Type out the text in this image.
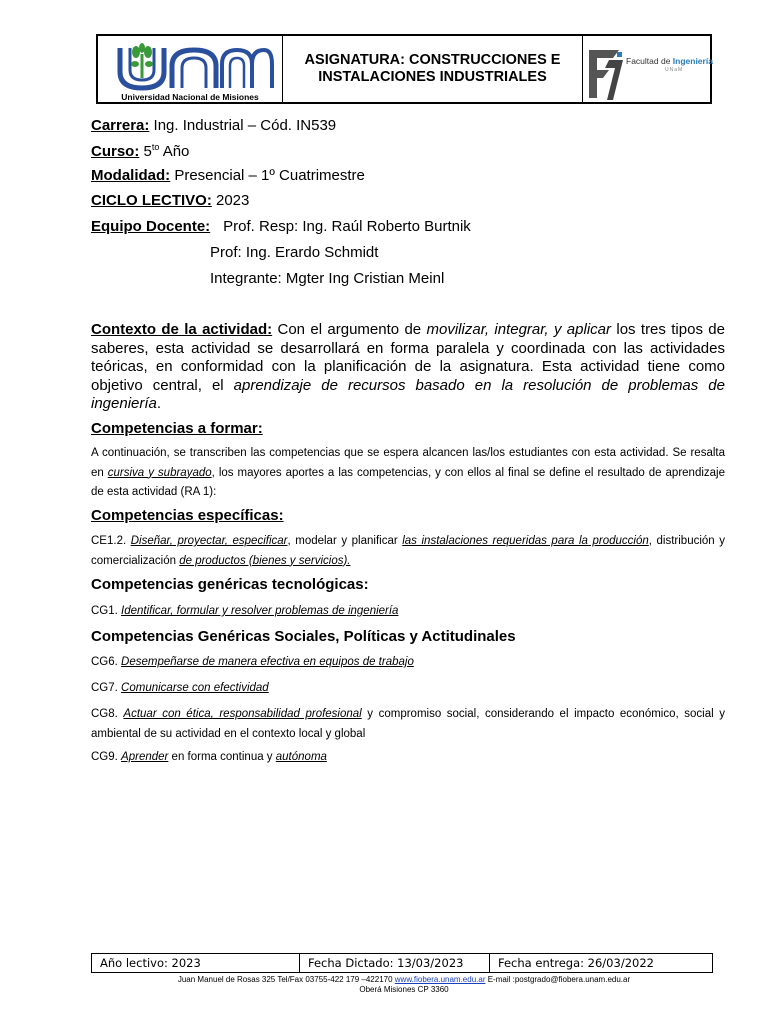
Universidad Nacional de Misiones
ASIGNATURA: CONSTRUCCIONES E
INSTALACIONES INDUSTRIALES
Facultad de Ingeniería
UNaM
Carrera: Ing. Industrial – Cód. IN539
Curso: $5^{to}$ Año
Modalidad: Presencial – 1º Cuatrimestre
CICLO LECTIVO: 2023
Equipo Docente: Prof. Resp: Ing. Raúl Roberto Burtnik
Prof: Ing. Erardo Schmidt
Integrante: Mgter Ing Cristian Meinl
Contexto de la actividad: Con el argumento de movilizar, integrar, y aplicar los tres tipos de saberes, esta actividad se desarrollará en forma paralela y coordinada con las actividades teóricas, en conformidad con la planificación de la asignatura. Esta actividad tiene como objetivo central, el aprendizaje de recursos basado en la resolución de problemas de ingeniería.
Competencias a formar:
A continuación, se transcriben las competencias que se espera alcancen las/los estudiantes con esta actividad. Se resalta en cursiva y subrayado, los mayores aportes a las competencias, y con ellos al final se define el resultado de aprendizaje de esta actividad (RA 1):
Competencias específicas:
CE1.2. Diseñar, proyectar, especificar, modelar y planificar las instalaciones requeridas para la producción, distribución y comercialización de productos (bienes y servicios).
Competencias genéricas tecnológicas:
CG1. Identificar, formular y resolver problemas de ingeniería
Competencias Genéricas Sociales, Políticas y Actitudinales
CG6. Desempeñarse de manera efectiva en equipos de trabajo
CG7. Comunicarse con efectividad
CG8. Actuar con ética, responsabilidad profesional y compromiso social, considerando el impacto económico, social y ambiental de su actividad en el contexto local y global
CG9. Aprender en forma continua y autónoma
Año lectivo: 2023	Fecha Dictado: 13/03/2023	Fecha entrega: 26/03/2022
Juan Manuel de Rosas 325 Tel/Fax 03755-422 179 –422170 www.fiobera.unam.edu.ar E-mail :postgrado@fiobera.unam.edu.ar
Oberá Misiones CP 3360
